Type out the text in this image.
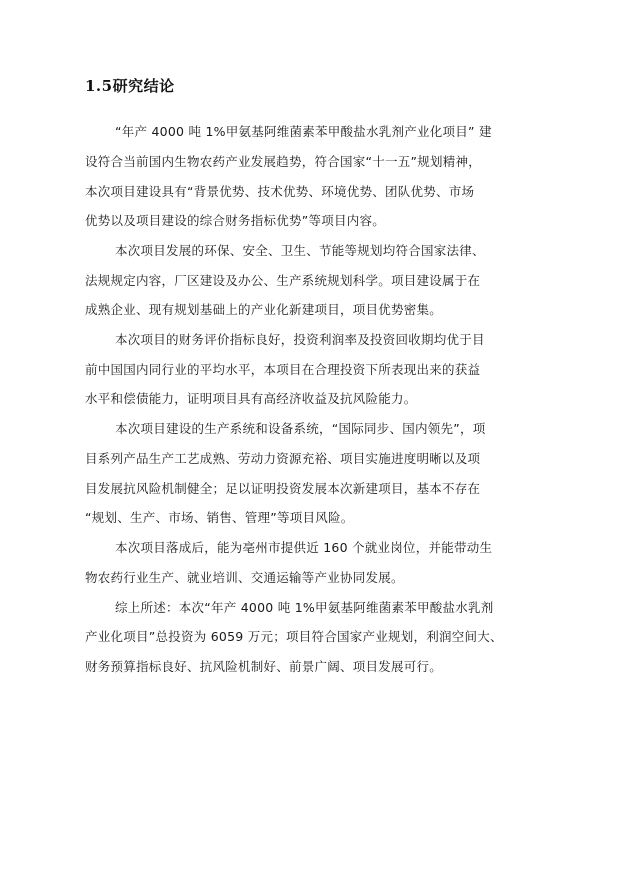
1.5研究结论

“年产 4000 吨 1%甲氨基阿维菌素苯甲酸盐水乳剂产业化项目” 建

设符合当前国内生物农药产业发展趋势，符合国家“十一五”规划精神，

本次项目建设具有“背景优势、技术优势、环境优势、团队优势、市场

优势以及项目建设的综合财务指标优势”等项目内容。

本次项目发展的环保、安全、卫生、节能等规划均符合国家法律、

法规规定内容，厂区建设及办公、生产系统规划科学。项目建设属于在

成熟企业、现有规划基础上的产业化新建项目，项目优势密集。

本次项目的财务评价指标良好，投资利润率及投资回收期均优于目

前中国国内同行业的平均水平，本项目在合理投资下所表现出来的获益

水平和偿债能力，证明项目具有高经济收益及抗风险能力。

本次项目建设的生产系统和设备系统，“国际同步、国内领先”，项

目系列产品生产工艺成熟、劳动力资源充裕、项目实施进度明晰以及项

目发展抗风险机制健全；足以证明投资发展本次新建项目，基本不存在

“规划、生产、市场、销售、管理”等项目风险。

本次项目落成后，能为亳州市提供近 160 个就业岗位，并能带动生

物农药行业生产、就业培训、交通运输等产业协同发展。

综上所述：本次“年产 4000 吨 1%甲氨基阿维菌素苯甲酸盐水乳剂

产业化项目”总投资为 6059 万元；项目符合国家产业规划，利润空间大、

财务预算指标良好、抗风险机制好、前景广阔、项目发展可行。
